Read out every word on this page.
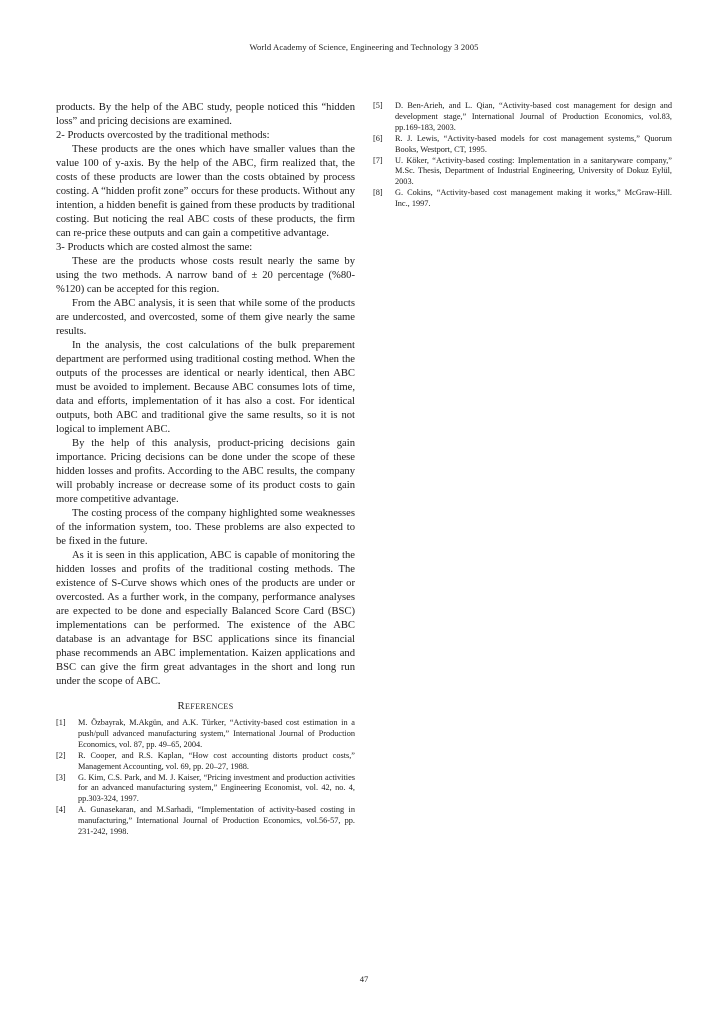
World Academy of Science, Engineering and Technology 3 2005

products. By the help of the ABC study, people noticed this “hidden loss” and pricing decisions are examined.

2- Products overcosted by the traditional methods:

These products are the ones which have smaller values than the value 100 of y-axis. By the help of the ABC, firm realized that, the costs of these products are lower than the costs obtained by process costing. A “hidden profit zone” occurs for these products. Without any intention, a hidden benefit is gained from these products by traditional costing. But noticing the real ABC costs of these products, the firm can re-price these outputs and can gain a competitive advantage.

3- Products which are costed almost the same:

These are the products whose costs result nearly the same by using the two methods. A narrow band of ± 20 percentage (%80-%120) can be accepted for this region.

From the ABC analysis, it is seen that while some of the products are undercosted, and overcosted, some of them give nearly the same results.

In the analysis, the cost calculations of the bulk preparement department are performed using traditional costing method. When the outputs of the processes are identical or nearly identical, then ABC must be avoided to implement. Because ABC consumes lots of time, data and efforts, implementation of it has also a cost. For identical outputs, both ABC and traditional give the same results, so it is not logical to implement ABC.

By the help of this analysis, product-pricing decisions gain importance. Pricing decisions can be done under the scope of these hidden losses and profits. According to the ABC results, the company will probably increase or decrease some of its product costs to gain more competitive advantage.

The costing process of the company highlighted some weaknesses of the information system, too. These problems are also expected to be fixed in the future.

As it is seen in this application, ABC is capable of monitoring the hidden losses and profits of the traditional costing methods. The existence of S-Curve shows which ones of the products are under or overcosted. As a further work, in the company, performance analyses are expected to be done and especially Balanced Score Card (BSC) implementations can be performed. The existence of the ABC database is an advantage for BSC applications since its financial phase recommends an ABC implementation. Kaizen applications and BSC can give the firm great advantages in the short and long run under the scope of ABC.

REFERENCES

[1] M. Özbayrak, M.Akgün, and A.K. Türker, “Activity-based cost estimation in a push/pull advanced manufacturing system,” International Journal of Production Economics, vol. 87, pp. 49–65, 2004.

[2] R. Cooper, and R.S. Kaplan, “How cost accounting distorts product costs,” Management Accounting, vol. 69, pp. 20–27, 1988.

[3] G. Kim, C.S. Park, and M. J. Kaiser, “Pricing investment and production activities for an advanced manufacturing system,” Engineering Economist, vol. 42, no. 4, pp.303-324, 1997.

[4] A. Gunasekaran, and M.Sarhadi, “Implementation of activity-based costing in manufacturing,” International Journal of Production Economics, vol.56-57, pp. 231-242, 1998.

[5] D. Ben-Arieh, and L. Qian, “Activity-based cost management for design and development stage,” International Journal of Production Economics, vol.83, pp.169-183, 2003.

[6] R. J. Lewis, “Activity-based models for cost management systems,” Quorum Books, Westport, CT, 1995.

[7] U. Köker, “Activity-based costing: Implementation in a sanitaryware company,” M.Sc. Thesis, Department of Industrial Engineering, University of Dokuz Eylül, 2003.

[8] G. Cokins, “Activity-based cost management making it works,” McGraw-Hill. Inc., 1997.

47
